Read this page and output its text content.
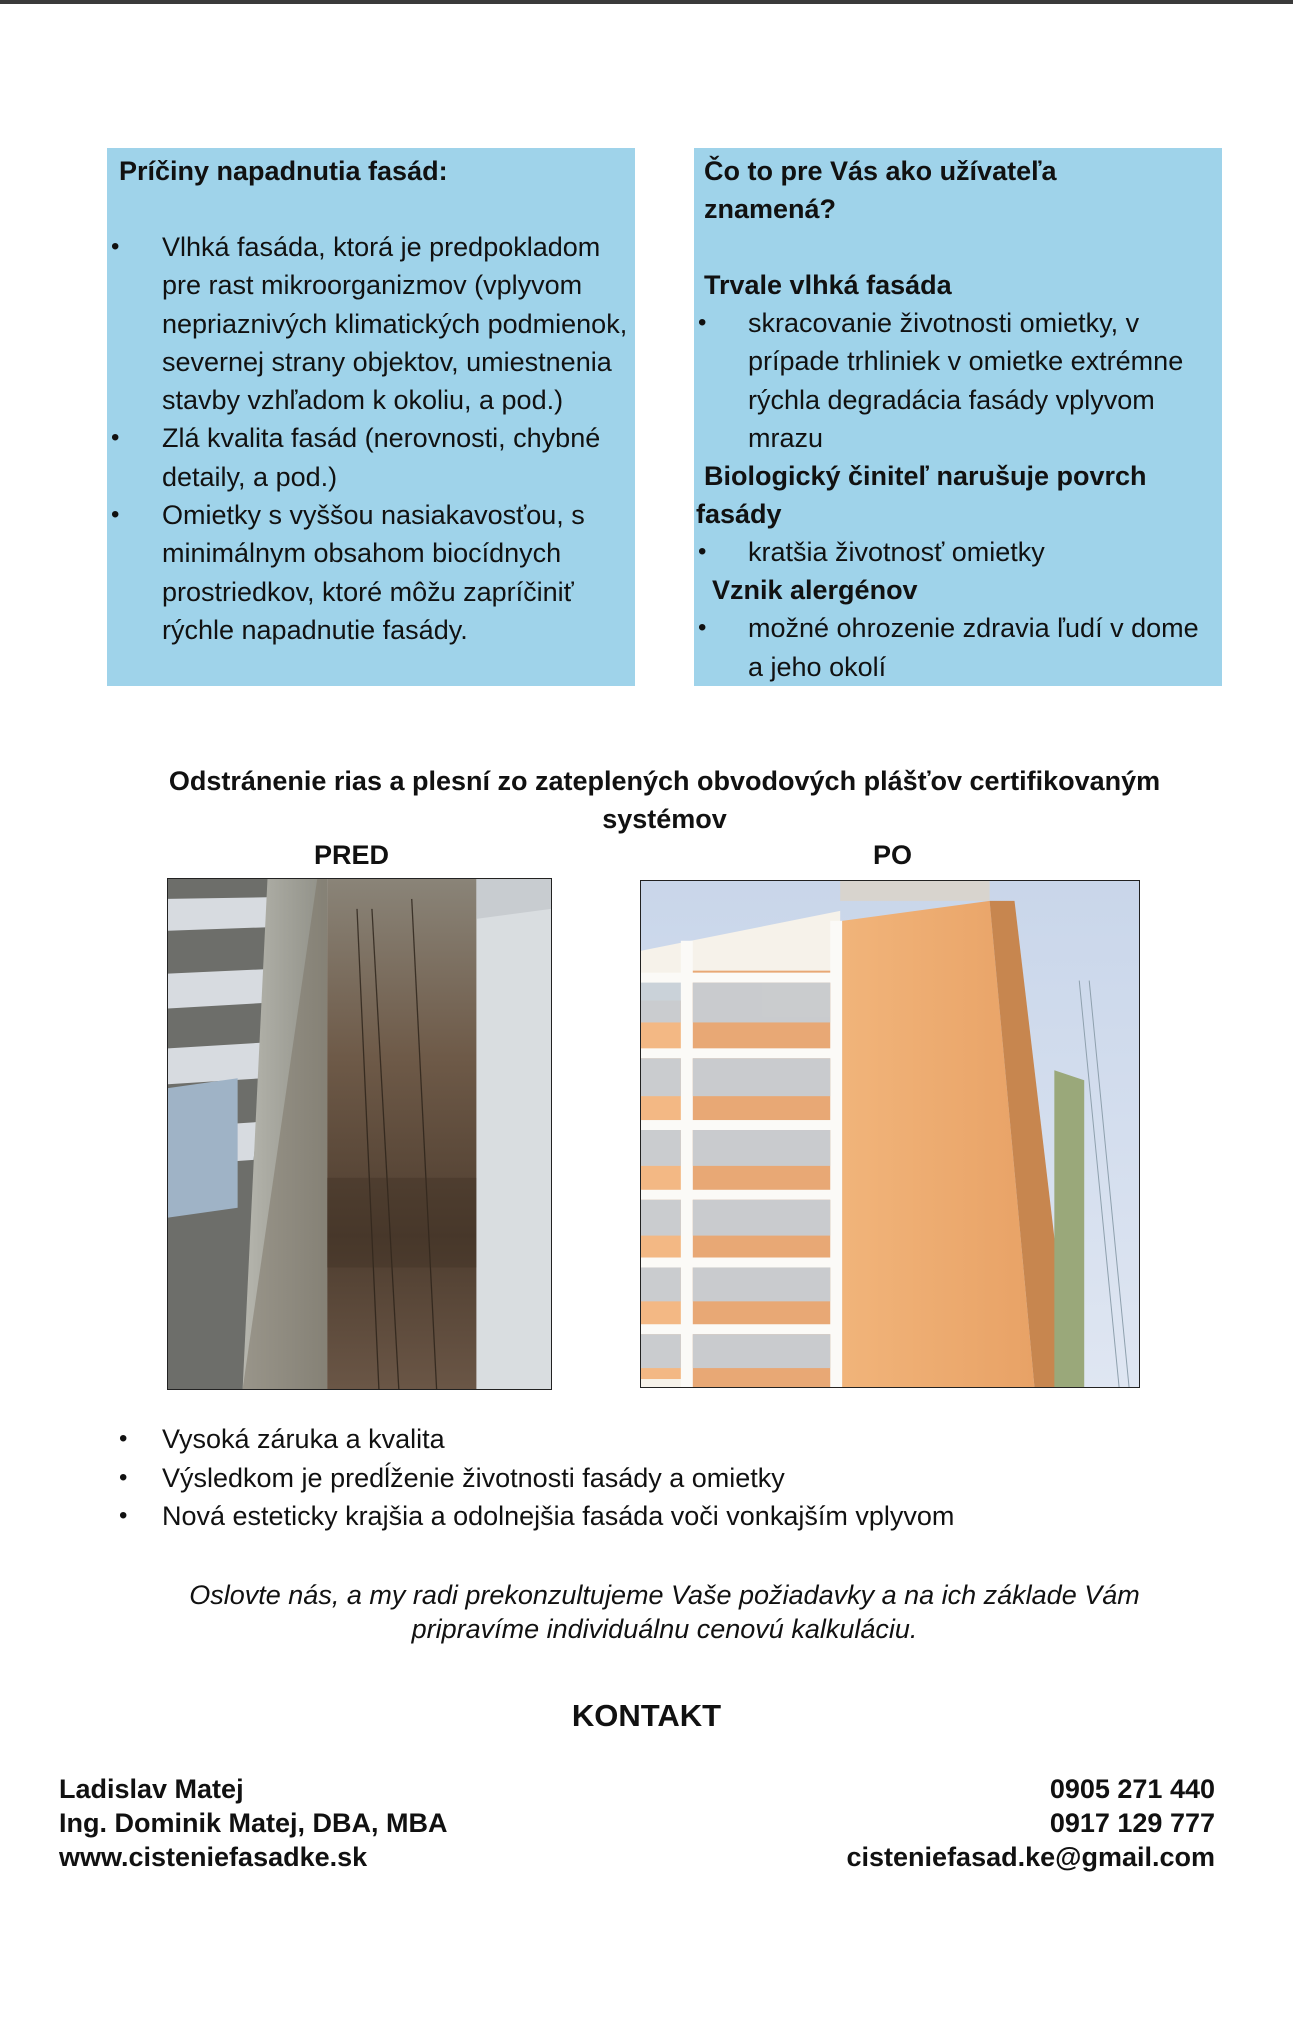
Príčiny napadnutia fasád:
• Vlhká fasáda, ktorá je predpokladom pre rast mikroorganizmov (vplyvom nepriaznivých klimatických podmienok, severnej strany objektov, umiestnenia stavby vzhľadom k okoliu, a pod.)
• Zlá kvalita fasád (nerovnosti, chybné detaily, a pod.)
• Omietky s vyššou nasiakavosťou, s minimálnym obsahom biocídnych prostriedkov, ktoré môžu zapríčiniť rýchle napadnutie fasády.
Čo to pre Vás ako užívateľa znamená?
Trvale vlhká fasáda
• skracovanie životnosti omietky, v prípade trhliniek v omietke extrémne rýchla degradácia fasády vplyvom mrazu
Biologický činiteľ narušuje povrch fasády
• kratšia životnosť omietky
Vznik alergénov
• možné ohrozenie zdravia ľudí v dome a jeho okolí
Odstránenie rias a plesní zo zateplených obvodových plášťov certifikovaným systémov
PRED	PO
• Vysoká záruka a kvalita
• Výsledkom je predĺženie životnosti fasády a omietky
• Nová esteticky krajšia a odolnejšia fasáda voči vonkajším vplyvom
Oslovte nás, a my radi prekonzultujeme Vaše požiadavky a na ich základe Vám pripravíme individuálnu cenovú kalkuláciu.
KONTAKT
Ladislav Matej
Ing. Dominik Matej, DBA, MBA
www.cisteniefasadke.sk
0905 271 440
0917 129 777
cisteniefasad.ke@gmail.com
